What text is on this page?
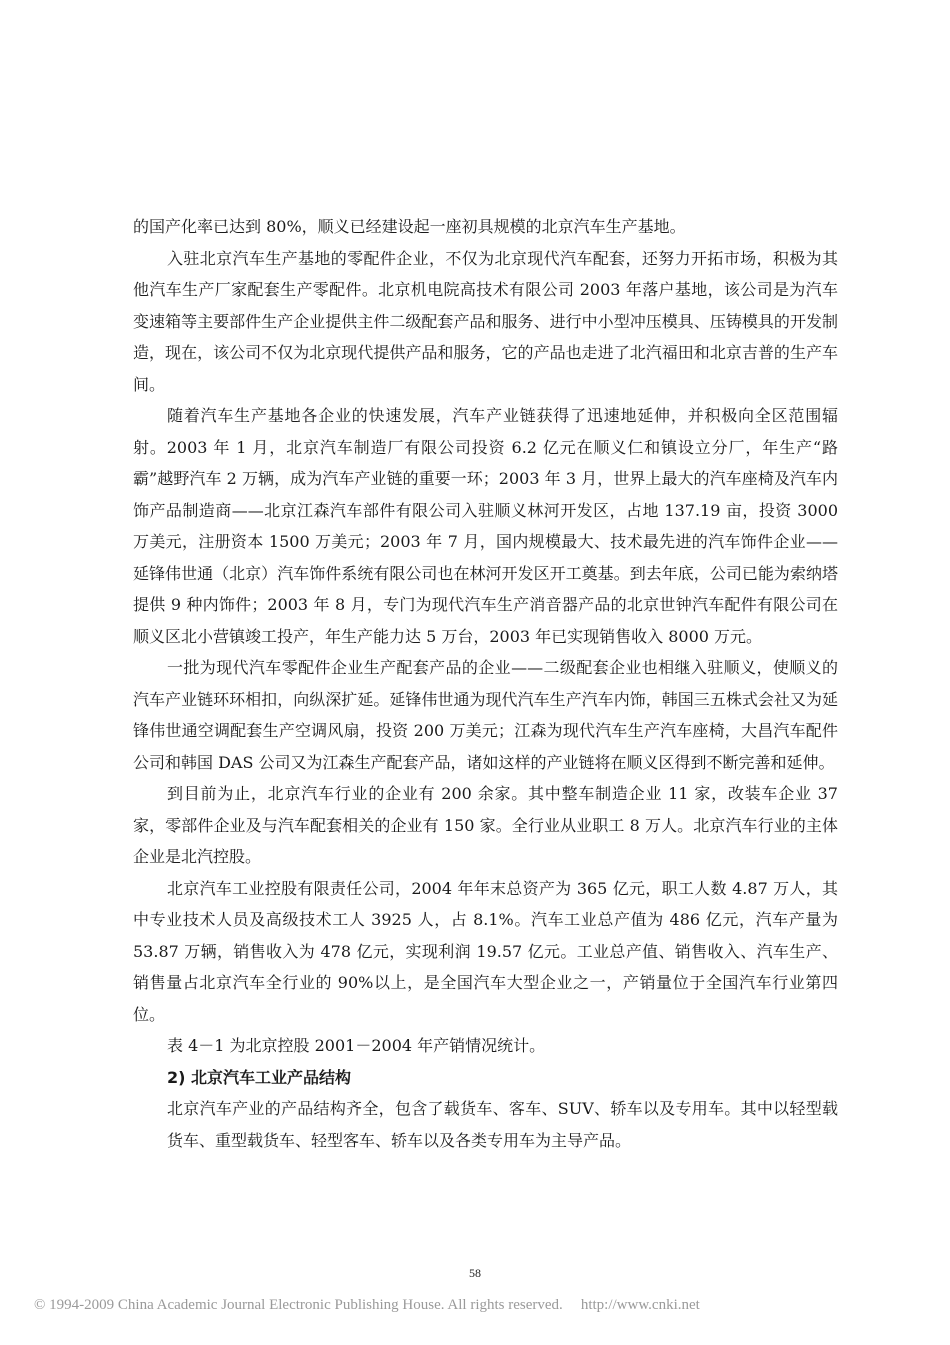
的国产化率已达到 80%，顺义已经建设起一座初具规模的北京汽车生产基地。

入驻北京汽车生产基地的零配件企业，不仅为北京现代汽车配套，还努力开拓市场，积极为其他汽车生产厂家配套生产零配件。北京机电院高技术有限公司 2003 年落户基地，该公司是为汽车变速箱等主要部件生产企业提供主件二级配套产品和服务、进行中小型冲压模具、压铸模具的开发制造，现在，该公司不仅为北京现代提供产品和服务，它的产品也走进了北汽福田和北京吉普的生产车间。

随着汽车生产基地各企业的快速发展，汽车产业链获得了迅速地延伸，并积极向全区范围辐射。2003 年 1 月，北京汽车制造厂有限公司投资 6.2 亿元在顺义仁和镇设立分厂，年生产“路霸”越野汽车 2 万辆，成为汽车产业链的重要一环；2003 年 3 月，世界上最大的汽车座椅及汽车内饰产品制造商——北京江森汽车部件有限公司入驻顺义林河开发区，占地 137.19 亩，投资 3000 万美元，注册资本 1500 万美元；2003 年 7 月，国内规模最大、技术最先进的汽车饰件企业——延锋伟世通（北京）汽车饰件系统有限公司也在林河开发区开工奠基。到去年底，公司已能为索纳塔提供 9 种内饰件；2003 年 8 月，专门为现代汽车生产消音器产品的北京世钟汽车配件有限公司在顺义区北小营镇竣工投产，年生产能力达 5 万台，2003 年已实现销售收入 8000 万元。

一批为现代汽车零配件企业生产配套产品的企业——二级配套企业也相继入驻顺义，使顺义的汽车产业链环环相扣，向纵深扩延。延锋伟世通为现代汽车生产汽车内饰，韩国三五株式会社又为延锋伟世通空调配套生产空调风扇，投资 200 万美元；江森为现代汽车生产汽车座椅，大昌汽车配件公司和韩国 DAS 公司又为江森生产配套产品，诸如这样的产业链将在顺义区得到不断完善和延伸。

到目前为止，北京汽车行业的企业有 200 余家。其中整车制造企业 11 家，改装车企业 37 家，零部件企业及与汽车配套相关的企业有 150 家。全行业从业职工 8 万人。北京汽车行业的主体企业是北汽控股。

北京汽车工业控股有限责任公司，2004 年年末总资产为 365 亿元，职工人数 4.87 万人，其中专业技术人员及高级技术工人 3925 人，占 8.1%。汽车工业总产值为 486 亿元，汽车产量为 53.87 万辆，销售收入为 478 亿元，实现利润 19.57 亿元。工业总产值、销售收入、汽车生产、销售量占北京汽车全行业的 90%以上，是全国汽车大型企业之一，产销量位于全国汽车行业第四位。

表 4－1 为北京控股 2001－2004 年产销情况统计。

2) 北京汽车工业产品结构

北京汽车产业的产品结构齐全，包含了载货车、客车、SUV、轿车以及专用车。其中以轻型载货车、重型载货车、轻型客车、轿车以及各类专用车为主导产品。

58
© 1994-2009 China Academic Journal Electronic Publishing House. All rights reserved. http://www.cnki.net
